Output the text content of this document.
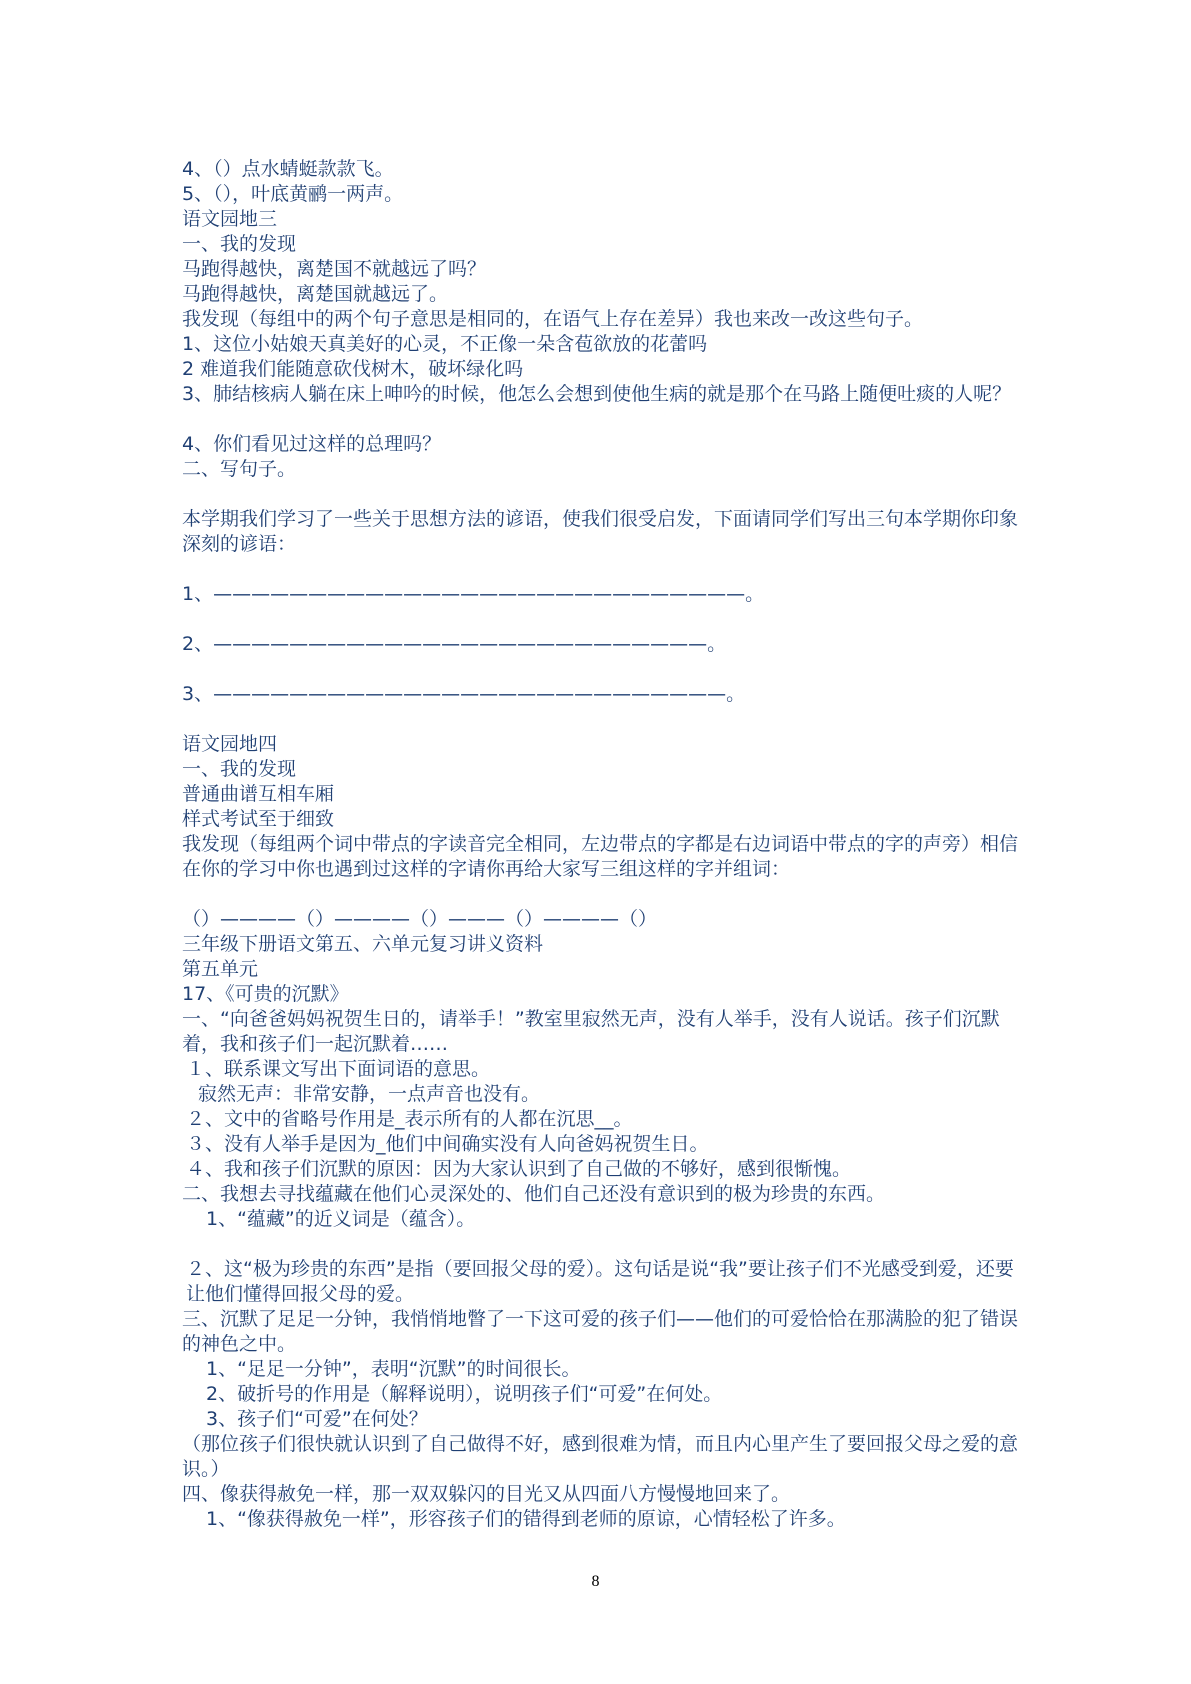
4、（）点水蜻蜓款款飞。
5、（），叶底黄鹂一两声。
语文园地三
一、我的发现
马跑得越快，离楚国不就越远了吗？
马跑得越快，离楚国就越远了。
我发现（每组中的两个句子意思是相同的，在语气上存在差异）我也来改一改这些句子。
1、这位小姑娘天真美好的心灵，不正像一朵含苞欲放的花蕾吗
2 难道我们能随意砍伐树木，破坏绿化吗
3、肺结核病人躺在床上呻吟的时候，他怎么会想到使他生病的就是那个在马路上随便吐痰的人呢？
4、你们看见过这样的总理吗？
二、写句子。
本学期我们学习了一些关于思想方法的谚语，使我们很受启发，下面请同学们写出三句本学期你印象深刻的谚语：
1、————————————————————————————。
2、——————————————————————————。
3、———————————————————————————。
语文园地四
一、我的发现
普通曲谱互相车厢
样式考试至于细致
我发现（每组两个词中带点的字读音完全相同，左边带点的字都是右边词语中带点的字的声旁）相信在你的学习中你也遇到过这样的字请你再给大家写三组这样的字并组词：
（）————（）————（）———（）————（）
三年级下册语文第五、六单元复习讲义资料
第五单元
17、《可贵的沉默》
一、“向爸爸妈妈祝贺生日的，请举手！”教室里寂然无声，没有人举手，没有人说话。孩子们沉默着，我和孩子们一起沉默着……
１、联系课文写出下面词语的意思。
寂然无声：非常安静，一点声音也没有。
２、文中的省略号作用是_表示所有的人都在沉思__。
３、没有人举手是因为_他们中间确实没有人向爸妈祝贺生日。
４、我和孩子们沉默的原因：因为大家认识到了自己做的不够好，感到很惭愧。
二、我想去寻找蕴藏在他们心灵深处的、他们自己还没有意识到的极为珍贵的东西。
1、“蕴藏”的近义词是（蕴含）。
２、这“极为珍贵的东西”是指（要回报父母的爱）。这句话是说“我”要让孩子们不光感受到爱，还要让他们懂得回报父母的爱。
三、沉默了足足一分钟，我悄悄地瞥了一下这可爱的孩子们——他们的可爱恰恰在那满脸的犯了错误的神色之中。
1、“足足一分钟”，表明“沉默”的时间很长。
2、破折号的作用是（解释说明），说明孩子们“可爱”在何处。
3、孩子们“可爱”在何处？
（那位孩子们很快就认识到了自己做得不好，感到很难为情，而且内心里产生了要回报父母之爱的意识。）
四、像获得赦免一样，那一双双躲闪的目光又从四面八方慢慢地回来了。
1、“像获得赦免一样”，形容孩子们的错得到老师的原谅，心情轻松了许多。
8
